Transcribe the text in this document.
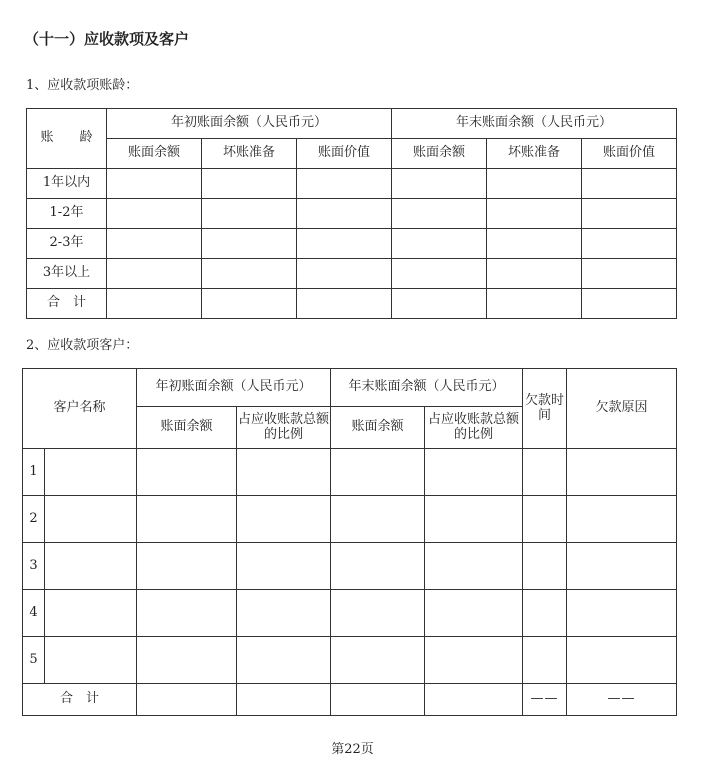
（十一）应收款项及客户
1、应收款项账龄：
账　　龄	年初账面余额（人民币元）			年末账面余额（人民币元）		
	账面余额	坏账准备	账面价值	账面余额	坏账准备	账面价值
1年以内						
1-2年						
2-3年						
3年以上						
合　计						
2、应收款项客户：
客户名称		年初账面余额（人民币元）		年末账面余额（人民币元）		欠款时间	欠款原因
		账面余额	占应收账款总额的比例	账面余额	占应收账款总额的比例		
1							
2							
3							
4							
5							
合　计						——	——
第22页
